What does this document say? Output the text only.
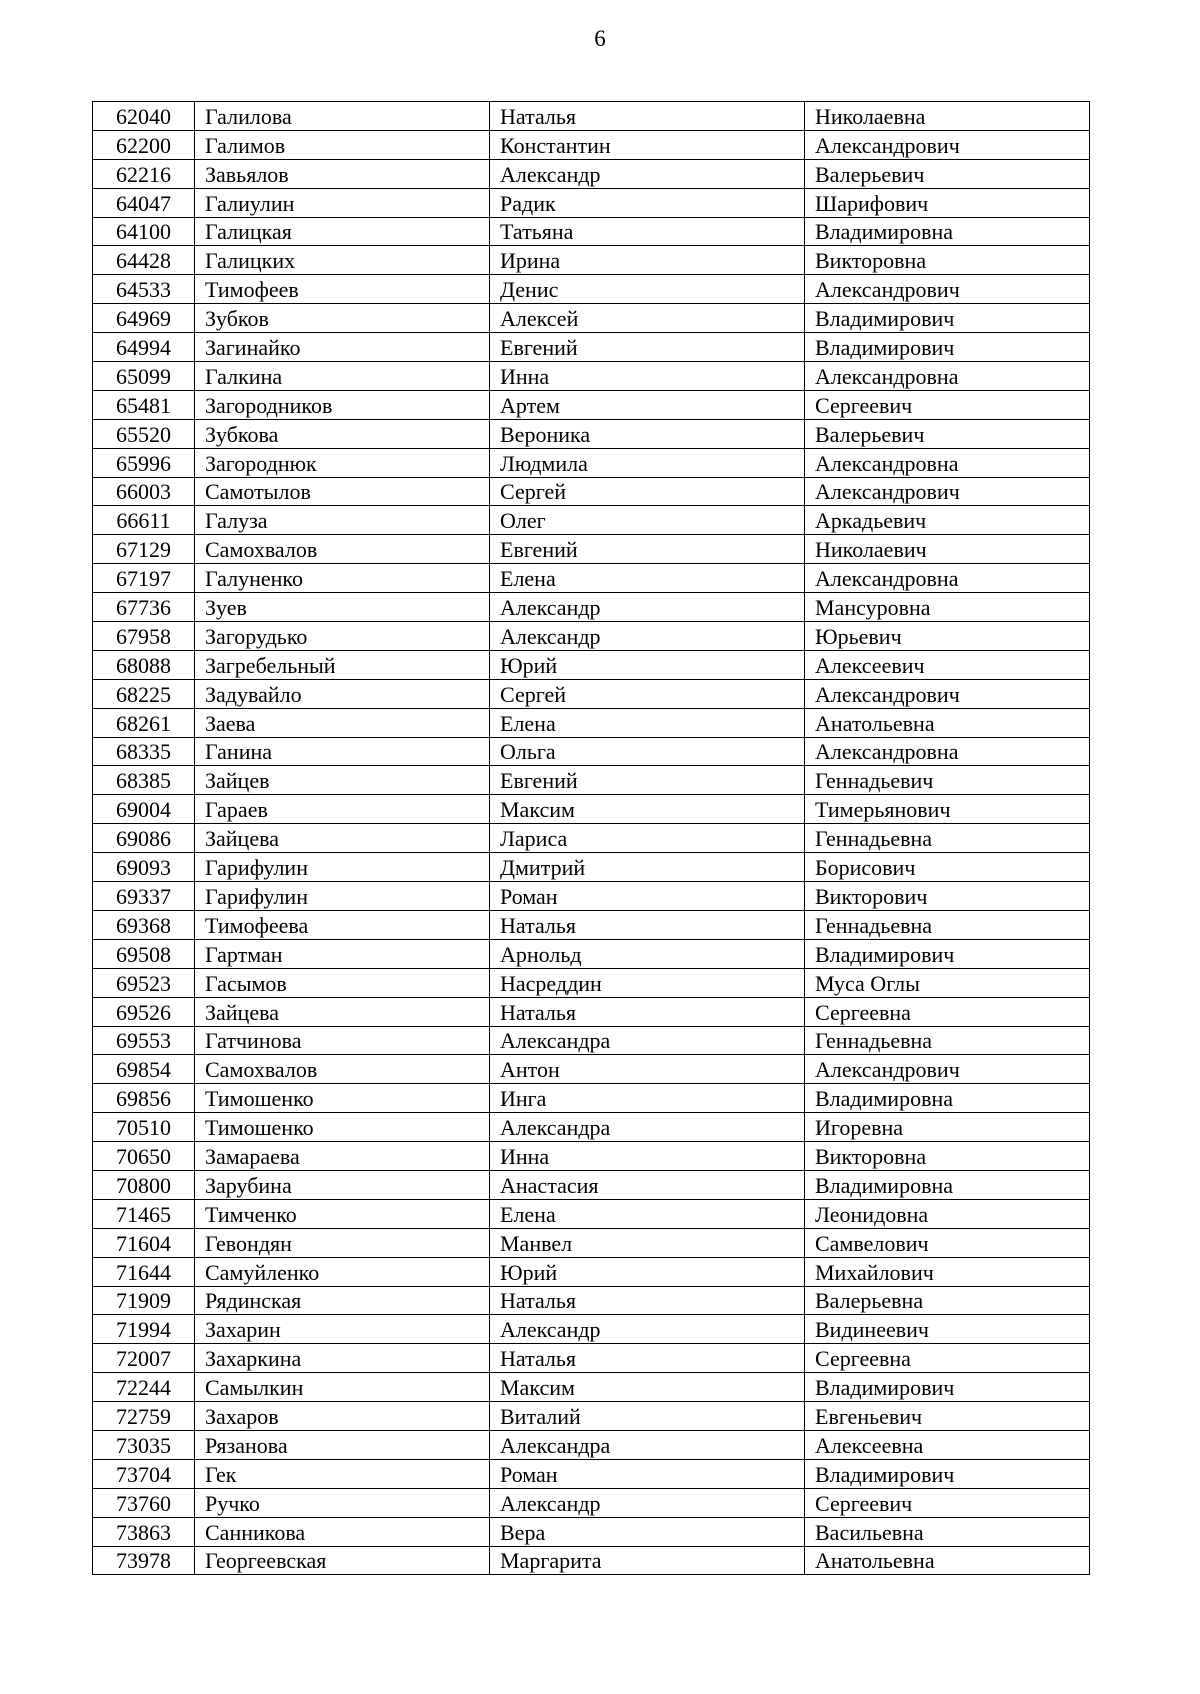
6
62040	Галилова	Наталья	Николаевна
62200	Галимов	Константин	Александрович
62216	Завьялов	Александр	Валерьевич
64047	Галиулин	Радик	Шарифович
64100	Галицкая	Татьяна	Владимировна
64428	Галицких	Ирина	Викторовна
64533	Тимофеев	Денис	Александрович
64969	Зубков	Алексей	Владимирович
64994	Загинайко	Евгений	Владимирович
65099	Галкина	Инна	Александровна
65481	Загородников	Артем	Сергеевич
65520	Зубкова	Вероника	Валерьевич
65996	Загороднюк	Людмила	Александровна
66003	Самотылов	Сергей	Александрович
66611	Галуза	Олег	Аркадьевич
67129	Самохвалов	Евгений	Николаевич
67197	Галуненко	Елена	Александровна
67736	Зуев	Александр	Мансуровна
67958	Загорудько	Александр	Юрьевич
68088	Загребельный	Юрий	Алексеевич
68225	Задувайло	Сергей	Александрович
68261	Заева	Елена	Анатольевна
68335	Ганина	Ольга	Александровна
68385	Зайцев	Евгений	Геннадьевич
69004	Гараев	Максим	Тимерьянович
69086	Зайцева	Лариса	Геннадьевна
69093	Гарифулин	Дмитрий	Борисович
69337	Гарифулин	Роман	Викторович
69368	Тимофеева	Наталья	Геннадьевна
69508	Гартман	Арнольд	Владимирович
69523	Гасымов	Насреддин	Муса Оглы
69526	Зайцева	Наталья	Сергеевна
69553	Гатчинова	Александра	Геннадьевна
69854	Самохвалов	Антон	Александрович
69856	Тимошенко	Инга	Владимировна
70510	Тимошенко	Александра	Игоревна
70650	Замараева	Инна	Викторовна
70800	Зарубина	Анастасия	Владимировна
71465	Тимченко	Елена	Леонидовна
71604	Гевондян	Манвел	Самвелович
71644	Самуйленко	Юрий	Михайлович
71909	Рядинская	Наталья	Валерьевна
71994	Захарин	Александр	Видинеевич
72007	Захаркина	Наталья	Сергеевна
72244	Самылкин	Максим	Владимирович
72759	Захаров	Виталий	Евгеньевич
73035	Рязанова	Александра	Алексеевна
73704	Гек	Роман	Владимирович
73760	Ручко	Александр	Сергеевич
73863	Санникова	Вера	Васильевна
73978	Георгеевская	Маргарита	Анатольевна
